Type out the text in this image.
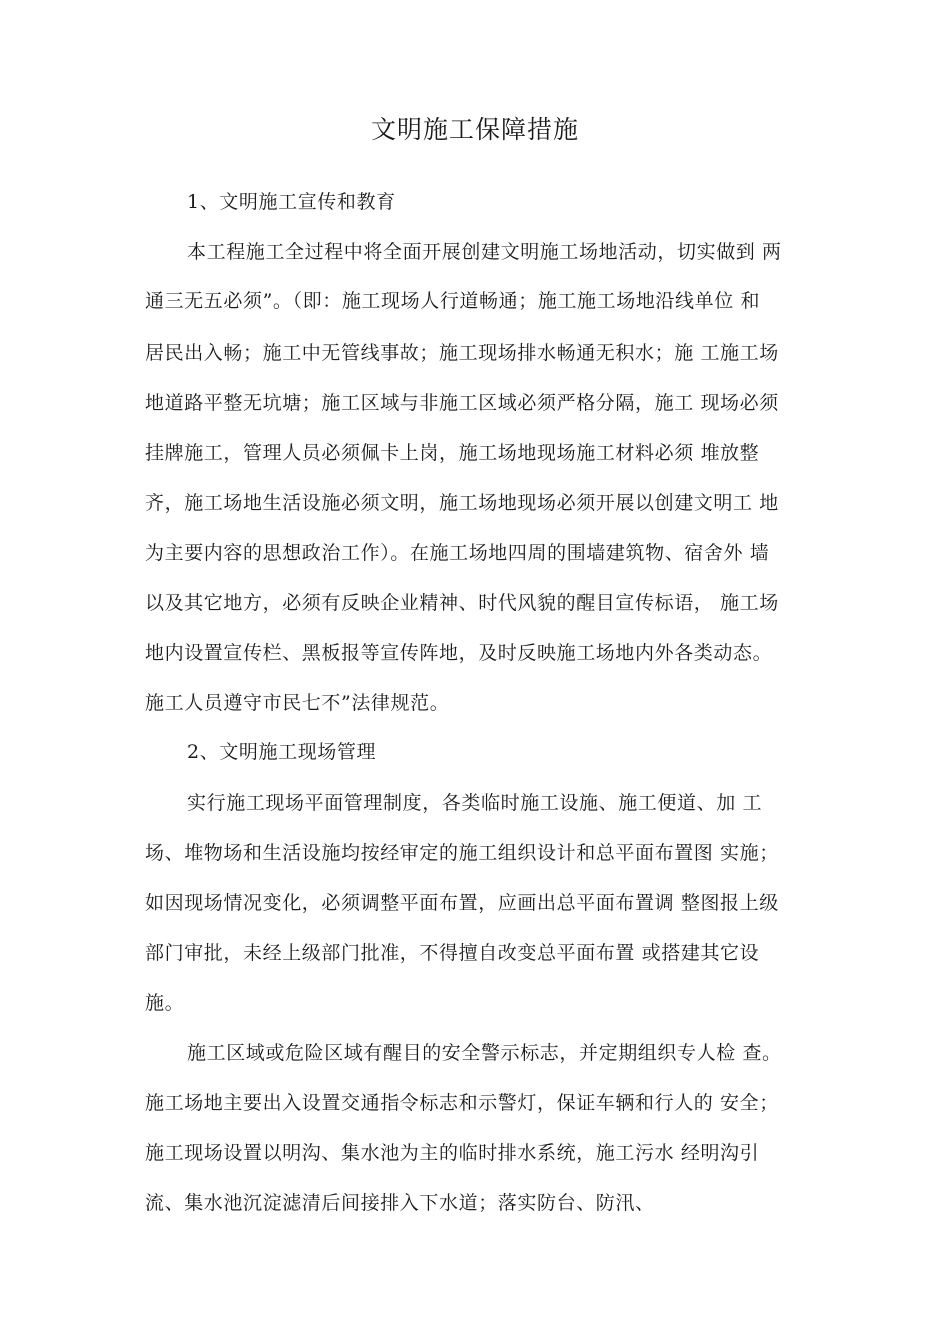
文明施工保障措施
1、文明施工宣传和教育
本工程施工全过程中将全面开展创建文明施工场地活动，切实做到 两
通三无五必须”。（即：施工现场人行道畅通；施工施工场地沿线单位 和
居民出入畅；施工中无管线事故；施工现场排水畅通无积水；施 工施工场
地道路平整无坑塘；施工区域与非施工区域必须严格分隔，施工 现场必须
挂牌施工，管理人员必须佩卡上岗，施工场地现场施工材料必须 堆放整
齐，施工场地生活设施必须文明，施工场地现场必须开展以创建文明工 地
为主要内容的思想政治工作）。在施工场地四周的围墙建筑物、宿舍外 墙
以及其它地方，必须有反映企业精神、时代风貌的醒目宣传标语， 施工场
地内设置宣传栏、黑板报等宣传阵地，及时反映施工场地内外各类动态。
施工人员遵守市民七不”法律规范。
2、文明施工现场管理
实行施工现场平面管理制度，各类临时施工设施、施工便道、加 工
场、堆物场和生活设施均按经审定的施工组织设计和总平面布置图 实施；
如因现场情况变化，必须调整平面布置，应画出总平面布置调 整图报上级
部门审批，未经上级部门批准，不得擅自改变总平面布置 或搭建其它设
施。
施工区域或危险区域有醒目的安全警示标志，并定期组织专人检 查。
施工场地主要出入设置交通指令标志和示警灯，保证车辆和行人的 安全；
施工现场设置以明沟、集水池为主的临时排水系统，施工污水 经明沟引
流、集水池沉淀滤清后间接排入下水道；落实防台、防汛、
